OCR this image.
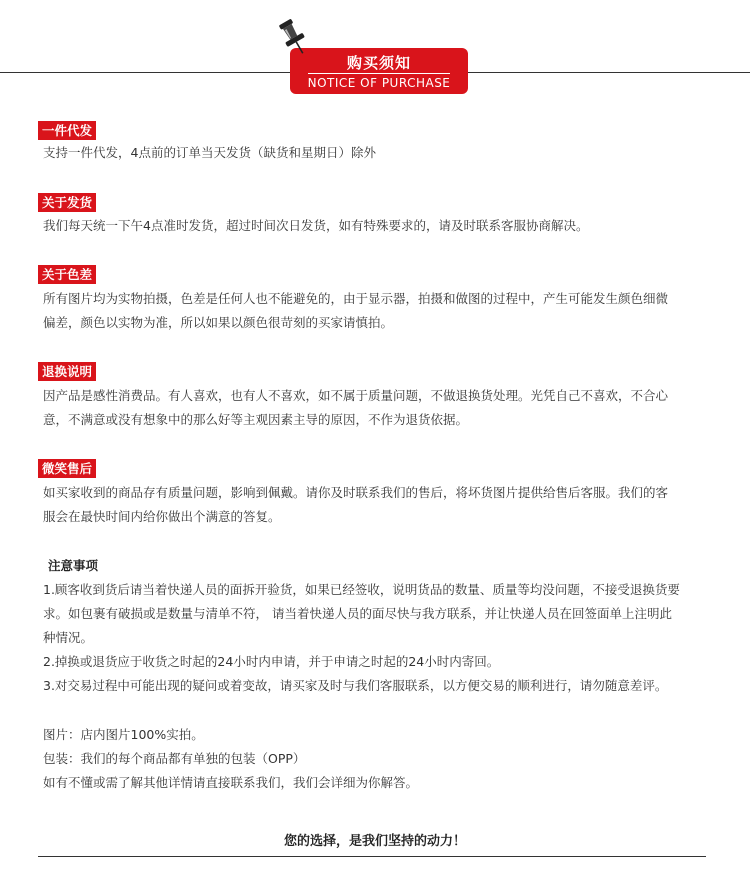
购买须知
NOTICE OF PURCHASE
一件代发
关于发货
关于色差
退换说明
微笑售后
支持一件代发，4点前的订单当天发货（缺货和星期日）除外
我们每天统一下午4点准时发货，超过时间次日发货，如有特殊要求的，请及时联系客服协商解决。
所有图片均为实物拍摄，色差是任何人也不能避免的，由于显示器，拍摄和做图的过程中，产生可能发生颜色细微
偏差，颜色以实物为准，所以如果以颜色很苛刻的买家请慎拍。
因产品是感性消费品。有人喜欢，也有人不喜欢，如不属于质量问题，不做退换货处理。光凭自己不喜欢，不合心
意，不满意或没有想象中的那么好等主观因素主导的原因，不作为退货依据。
如买家收到的商品存有质量问题，影响到佩戴。请你及时联系我们的售后，将坏货图片提供给售后客服。我们的客
服会在最快时间内给你做出个满意的答复。
注意事项
1.顾客收到货后请当着快递人员的面拆开验货，如果已经签收，说明货品的数量、质量等均没问题，不接受退换货要
求。如包裹有破损或是数量与清单不符， 请当着快递人员的面尽快与我方联系，并让快递人员在回签面单上注明此
种情况。
2.掉换或退货应于收货之时起的24小时内申请，并于申请之时起的24小时内寄回。
3.对交易过程中可能出现的疑问或着变故，请买家及时与我们客服联系，以方便交易的顺利进行，请勿随意差评。
图片：店内图片100%实拍。
包装：我们的每个商品都有单独的包装（OPP）
如有不懂或需了解其他详情请直接联系我们，我们会详细为你解答。
您的选择，是我们坚持的动力！
